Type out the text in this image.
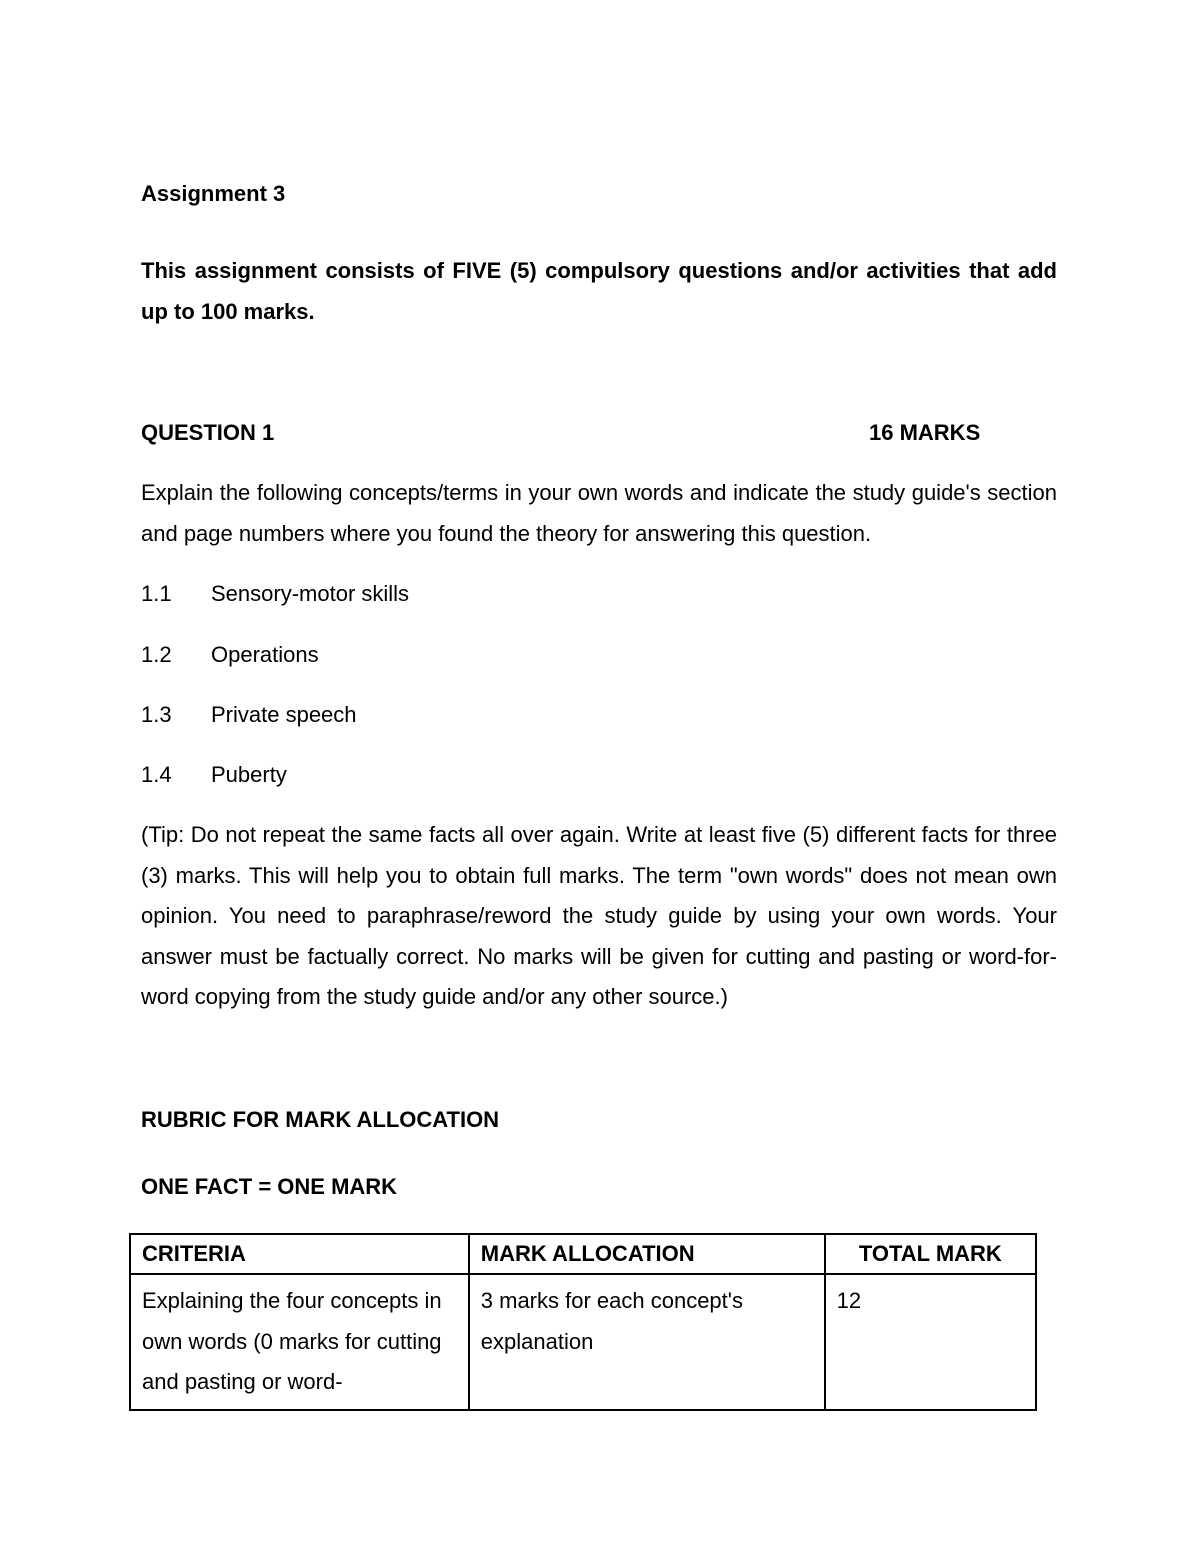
Assignment 3
This assignment consists of FIVE (5) compulsory questions and/or activities that add up to 100 marks.
QUESTION 1	16 MARKS
Explain the following concepts/terms in your own words and indicate the study guide's section and page numbers where you found the theory for answering this question.
1.1 Sensory-motor skills
1.2 Operations
1.3 Private speech
1.4 Puberty
(Tip: Do not repeat the same facts all over again. Write at least five (5) different facts for three (3) marks. This will help you to obtain full marks. The term "own words" does not mean own opinion. You need to paraphrase/reword the study guide by using your own words. Your answer must be factually correct. No marks will be given for cutting and pasting or word-for-word copying from the study guide and/or any other source.)
RUBRIC FOR MARK ALLOCATION
ONE FACT = ONE MARK
CRITERIA	MARK ALLOCATION	TOTAL MARK
Explaining the four concepts in own words (0 marks for cutting and pasting or word-	3 marks for each concept's explanation	12
